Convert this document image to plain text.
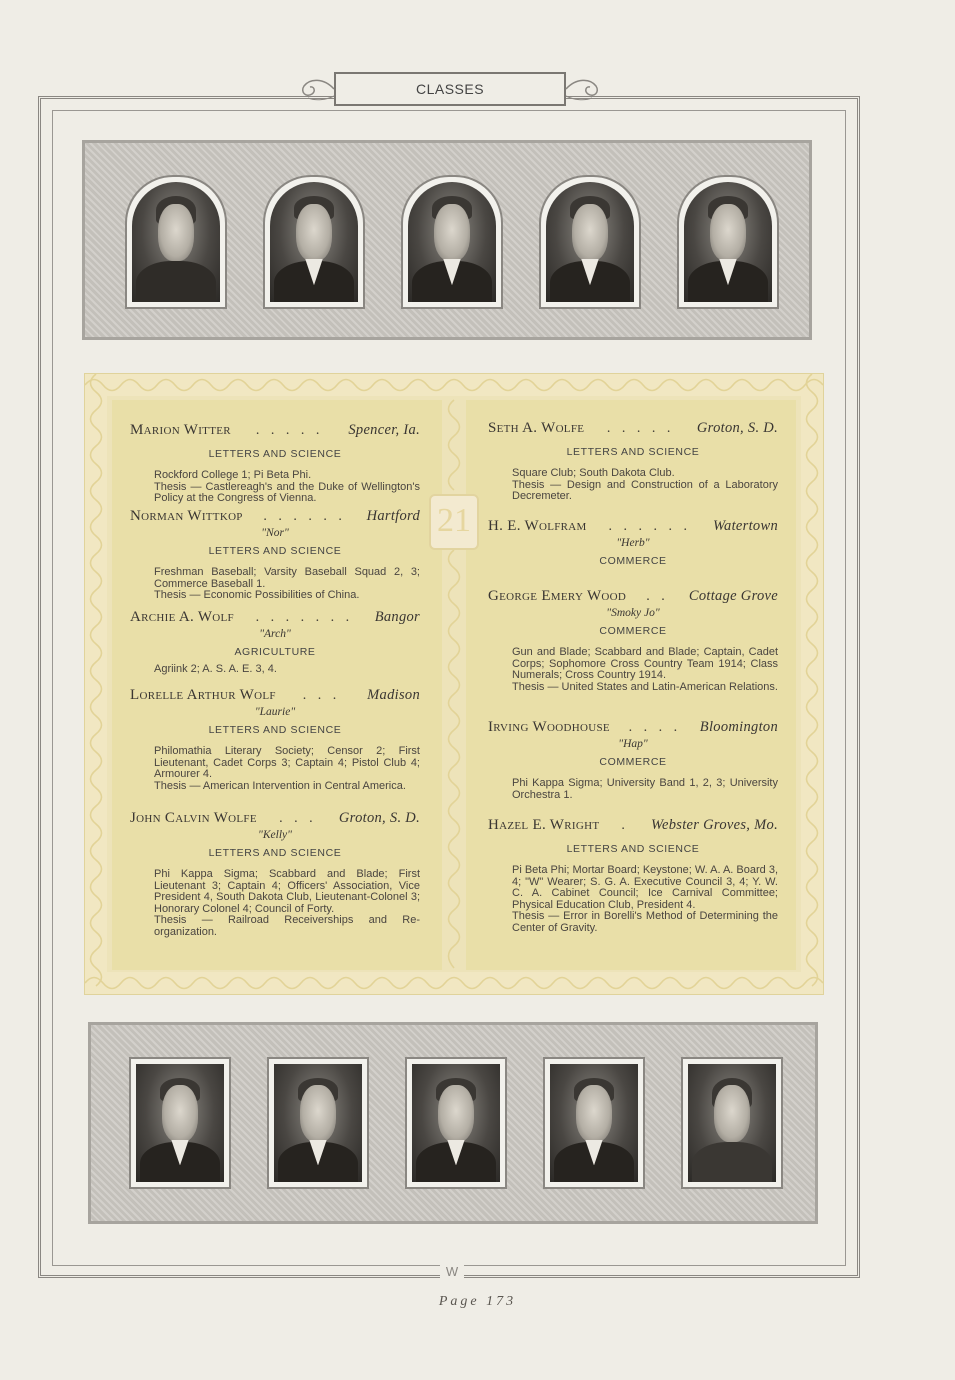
CLASSES
21
Marion Witter	. . . . .	Spencer, Ia.
LETTERS AND SCIENCE
Rockford College 1; Pi Beta Phi.
Thesis — Castlereagh's and the Duke of Wellington's Policy at the Congress of Vienna.
Norman Wittkop	. . . . . .	Hartford
"Nor"
LETTERS AND SCIENCE
Freshman Baseball; Varsity Baseball Squad 2, 3; Commerce Baseball 1.
Thesis — Economic Possibilities of China.
Archie A. Wolf	. . . . . . .	Bangor
"Arch"
AGRICULTURE
Agriink 2; A. S. A. E. 3, 4.
Lorelle Arthur Wolf	. . .	Madison
"Laurie"
LETTERS AND SCIENCE
Philomathia Literary Society; Censor 2; First Lieutenant, Cadet Corps 3; Captain 4; Pistol Club 4; Armourer 4.
Thesis — American Intervention in Central America.
John Calvin Wolfe	. . .	Groton, S. D.
"Kelly"
LETTERS AND SCIENCE
Phi Kappa Sigma; Scabbard and Blade; First Lieutenant 3; Captain 4; Officers' Association, Vice President 4, South Dakota Club, Lieutenant-Colonel 3; Honorary Colonel 4; Council of Forty.
Thesis — Railroad Receiverships and Re-organization.
Seth A. Wolfe	. . . . .	Groton, S. D.
LETTERS AND SCIENCE
Square Club; South Dakota Club.
Thesis — Design and Construction of a Laboratory Decremeter.
H. E. Wolfram	. . . . . .	Watertown
"Herb"
COMMERCE
George Emery Wood	. .	Cottage Grove
"Smoky Jo"
COMMERCE
Gun and Blade; Scabbard and Blade; Captain, Cadet Corps; Sophomore Cross Country Team 1914; Class Numerals; Cross Country 1914.
Thesis — United States and Latin-American Relations.
Irving Woodhouse	. . . .	Bloomington
"Hap"
COMMERCE
Phi Kappa Sigma; University Band 1, 2, 3; University Orchestra 1.
Hazel E. Wright	.	Webster Groves, Mo.
LETTERS AND SCIENCE
Pi Beta Phi; Mortar Board; Keystone; W. A. A. Board 3, 4; "W" Wearer; S. G. A. Executive Council 3, 4; Y. W. C. A. Cabinet Council; Ice Carnival Committee; Physical Education Club, President 4.
Thesis — Error in Borelli's Method of Determining the Center of Gravity.
W
Page 173
